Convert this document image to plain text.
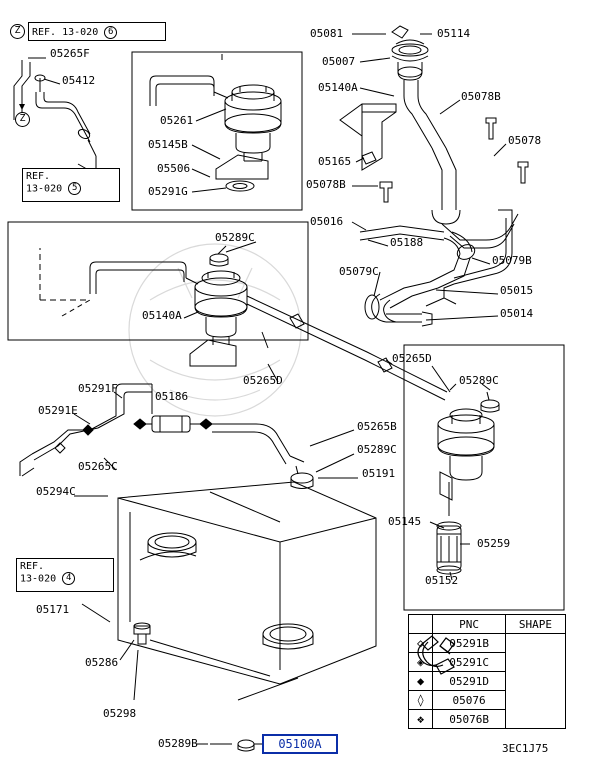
REF. 13-020 6
Z
Z
REF.
13-020 5
REF.
13-020 4
05265F
05412
05261
05145B
05506
05291G
05081	05114
05007
05140A
05078B
05078
05165
05078B
05016
05188
05079C
05079B
05015
05014
05289C
05140A
05265D
05265D
05289C
05291F
05186
05291E
05265B
05289C
05265C
05191
05294C
05145
05259
05152
05171
05286
05298
05289B
	PNC	SHAPE
◇	05291B	

◈	05291C	
◆	05291D	
◊	05076	
❖	05076B	
05100A	3EC1J75
